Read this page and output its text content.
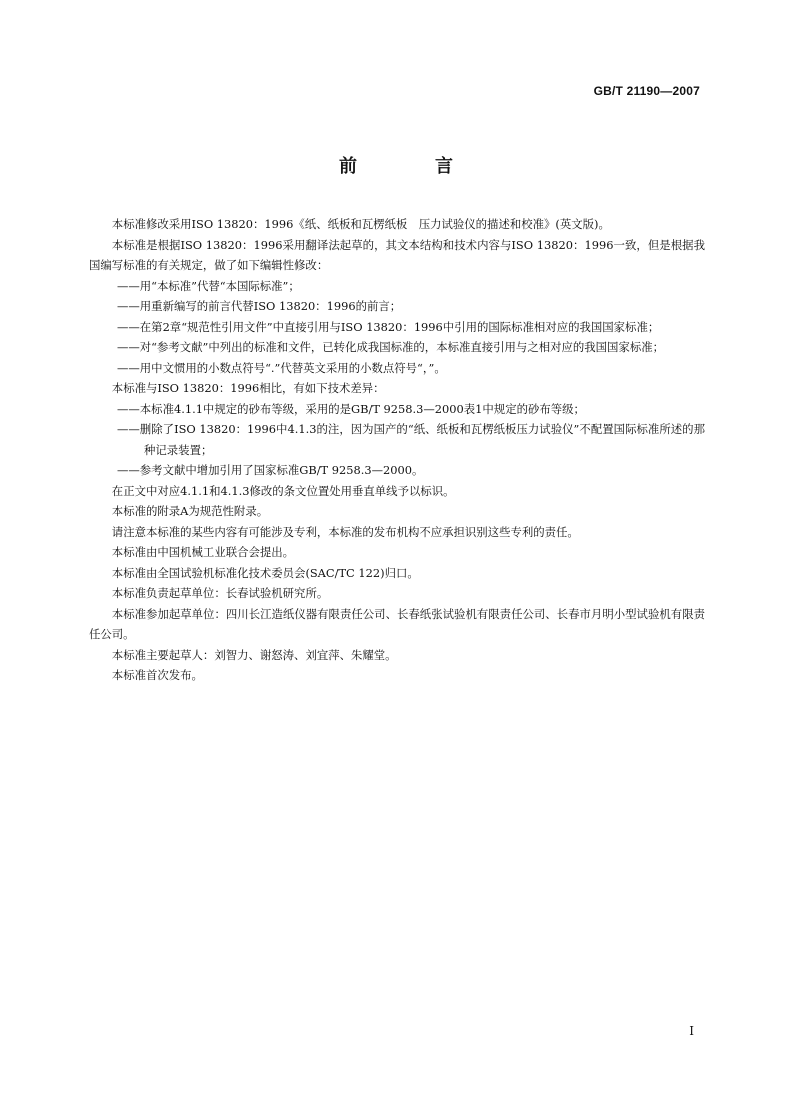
GB/T 21190—2007
前　言

本标准修改采用ISO 13820：1996《纸、纸板和瓦楞纸板　压力试验仪的描述和校准》(英文版)。

本标准是根据ISO 13820：1996采用翻译法起草的，其文本结构和技术内容与ISO 13820：1996一致，但是根据我国编写标准的有关规定，做了如下编辑性修改：

——用“本标准”代替“本国际标准”；

——用重新编写的前言代替ISO 13820：1996的前言；

——在第2章“规范性引用文件”中直接引用与ISO 13820：1996中引用的国际标准相对应的我国国家标准；

——对“参考文献”中列出的标准和文件，已转化成我国标准的，本标准直接引用与之相对应的我国国家标准；

——用中文惯用的小数点符号“.”代替英文采用的小数点符号“，”。

本标准与ISO 13820：1996相比，有如下技术差异：

——本标准4.1.1中规定的砂布等级，采用的是GB/T 9258.3—2000表1中规定的砂布等级；

——删除了ISO 13820：1996中4.1.3的注，因为国产的“纸、纸板和瓦楞纸板压力试验仪”不配置国际标准所述的那种记录装置；

——参考文献中增加引用了国家标准GB/T 9258.3—2000。

在正文中对应4.1.1和4.1.3修改的条文位置处用垂直单线予以标识。

本标准的附录A为规范性附录。

请注意本标准的某些内容有可能涉及专利，本标准的发布机构不应承担识别这些专利的责任。

本标准由中国机械工业联合会提出。

本标准由全国试验机标准化技术委员会(SAC/TC 122)归口。

本标准负责起草单位：长春试验机研究所。

本标准参加起草单位：四川长江造纸仪器有限责任公司、长春纸张试验机有限责任公司、长春市月明小型试验机有限责任公司。

本标准主要起草人：刘智力、谢怒涛、刘宜萍、朱耀堂。

本标准首次发布。

I
